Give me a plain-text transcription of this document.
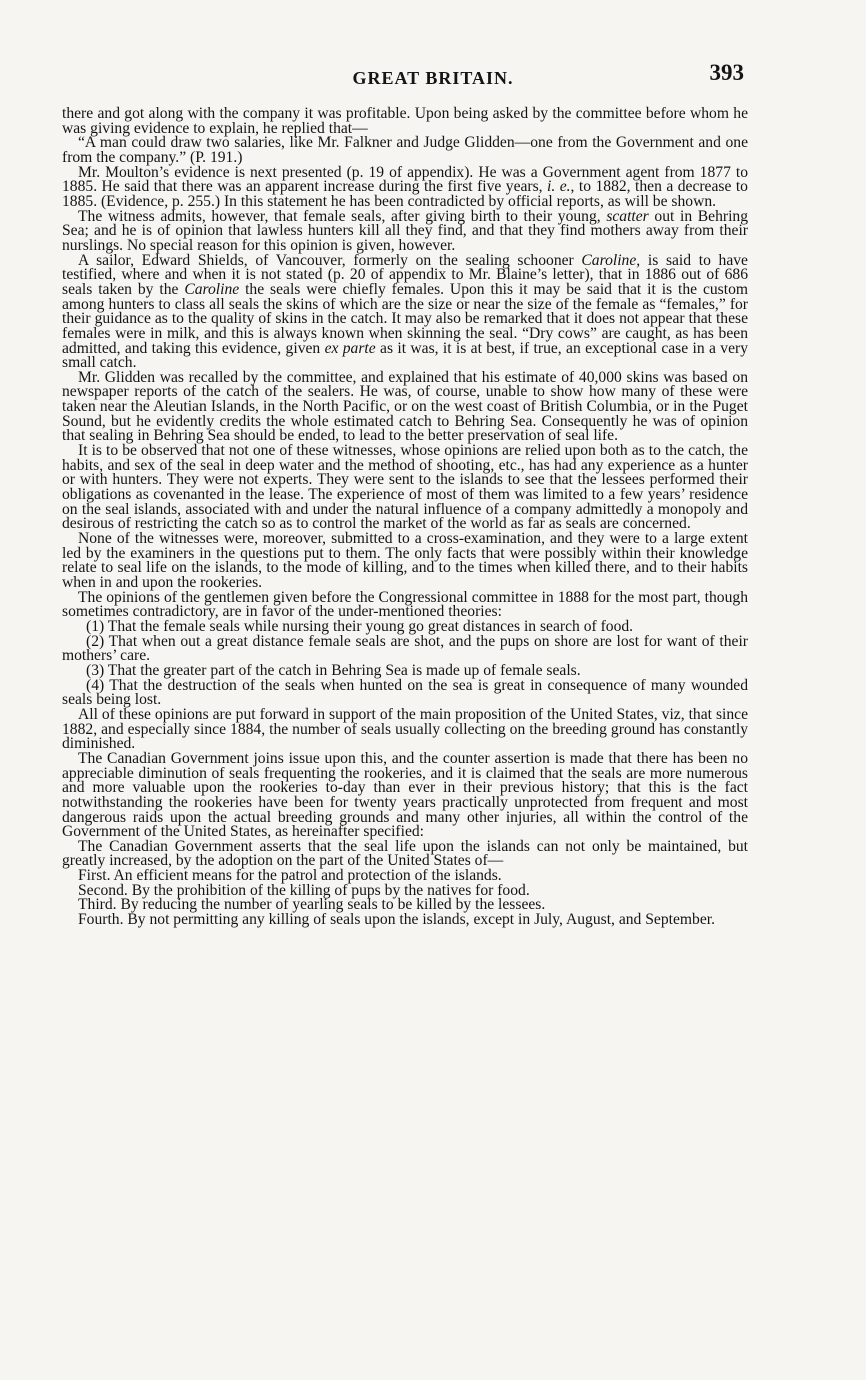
GREAT BRITAIN.	393

there and got along with the company it was profitable. Upon being asked by the committee before whom he was giving evidence to explain, he replied that—

“A man could draw two salaries, like Mr. Falkner and Judge Glidden—one from the Government and one from the company.” (P. 191.)

Mr. Moulton’s evidence is next presented (p. 19 of appendix). He was a Government agent from 1877 to 1885. He said that there was an apparent increase during the first five years, i. e., to 1882, then a decrease to 1885. (Evidence, p. 255.) In this statement he has been contradicted by official reports, as will be shown.

The witness admits, however, that female seals, after giving birth to their young, scatter out in Behring Sea; and he is of opinion that lawless hunters kill all they find, and that they find mothers away from their nurslings. No special reason for this opinion is given, however.

A sailor, Edward Shields, of Vancouver, formerly on the sealing schooner Caroline, is said to have testified, where and when it is not stated (p. 20 of appendix to Mr. Blaine’s letter), that in 1886 out of 686 seals taken by the Caroline the seals were chiefly females. Upon this it may be said that it is the custom among hunters to class all seals the skins of which are the size or near the size of the female as “females,” for their guidance as to the quality of skins in the catch. It may also be remarked that it does not appear that these females were in milk, and this is always known when skinning the seal. “Dry cows” are caught, as has been admitted, and taking this evidence, given ex parte as it was, it is at best, if true, an exceptional case in a very small catch.

Mr. Glidden was recalled by the committee, and explained that his estimate of 40,000 skins was based on newspaper reports of the catch of the sealers. He was, of course, unable to show how many of these were taken near the Aleutian Islands, in the North Pacific, or on the west coast of British Columbia, or in the Puget Sound, but he evidently credits the whole estimated catch to Behring Sea. Consequently he was of opinion that sealing in Behring Sea should be ended, to lead to the better preservation of seal life.

It is to be observed that not one of these witnesses, whose opinions are relied upon both as to the catch, the habits, and sex of the seal in deep water and the method of shooting, etc., has had any experience as a hunter or with hunters. They were not experts. They were sent to the islands to see that the lessees performed their obligations as covenanted in the lease. The experience of most of them was limited to a few years’ residence on the seal islands, associated with and under the natural influence of a company admittedly a monopoly and desirous of restricting the catch so as to control the market of the world as far as seals are concerned.

None of the witnesses were, moreover, submitted to a cross-examination, and they were to a large extent led by the examiners in the questions put to them. The only facts that were possibly within their knowledge relate to seal life on the islands, to the mode of killing, and to the times when killed there, and to their habits when in and upon the rookeries.

The opinions of the gentlemen given before the Congressional committee in 1888 for the most part, though sometimes contradictory, are in favor of the under-mentioned theories:

(1) That the female seals while nursing their young go great distances in search of food.

(2) That when out a great distance female seals are shot, and the pups on shore are lost for want of their mothers’ care.

(3) That the greater part of the catch in Behring Sea is made up of female seals.

(4) That the destruction of the seals when hunted on the sea is great in consequence of many wounded seals being lost.

All of these opinions are put forward in support of the main proposition of the United States, viz, that since 1882, and especially since 1884, the number of seals usually collecting on the breeding ground has constantly diminished.

The Canadian Government joins issue upon this, and the counter assertion is made that there has been no appreciable diminution of seals frequenting the rookeries, and it is claimed that the seals are more numerous and more valuable upon the rookeries to-day than ever in their previous history; that this is the fact notwithstanding the rookeries have been for twenty years practically unprotected from frequent and most dangerous raids upon the actual breeding grounds and many other injuries, all within the control of the Government of the United States, as hereinafter specified:

The Canadian Government asserts that the seal life upon the islands can not only be maintained, but greatly increased, by the adoption on the part of the United States of—

First. An efficient means for the patrol and protection of the islands.

Second. By the prohibition of the killing of pups by the natives for food.

Third. By reducing the number of yearling seals to be killed by the lessees.

Fourth. By not permitting any killing of seals upon the islands, except in July, August, and September.
